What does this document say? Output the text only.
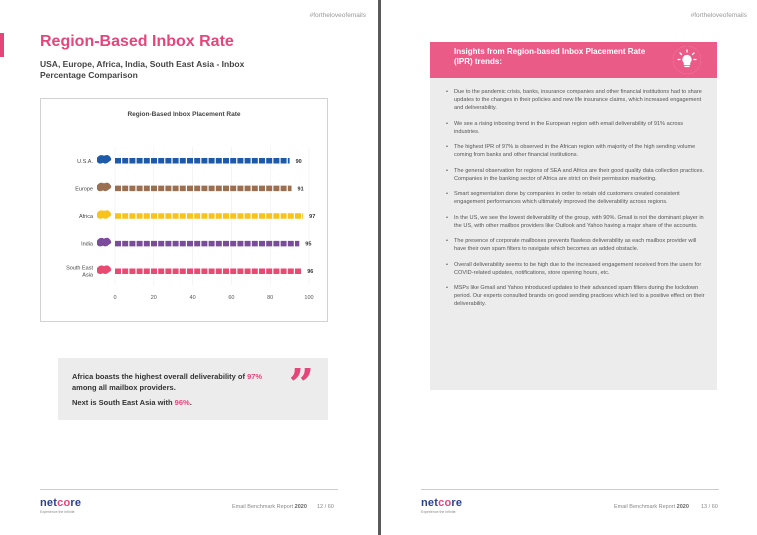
#fortheloveofemails
Region-Based Inbox Rate
USA, Europe, Africa, India, South East Asia - Inbox Percentage Comparison
Region-Based Inbox Placement Rate
0	20	40	60	80	100
90
U.S.A.
91
Europe
97
Africa
95
India
96
South East
Asia
Africa boasts the highest overall deliverability of 97% among all mailbox providers.
Next is South East Asia with 96%.	”
netcore
Experience the Infinite
Email Benchmark Report 2020 12 / 60
#fortheloveofemails
Insights from Region-based Inbox Placement Rate (IPR) trends:
• Due to the pandemic crisis, banks, insurance companies and other financial institutions had to share updates to the changes in their policies and new life insurance claims, which increased engagement and deliverability.
• We see a rising inboxing trend in the European region with email deliverability of 91% across industries.
• The highest IPR of 97% is observed in the African region with majority of the high sending volume coming from banks and other financial institutions.
• The general observation for regions of SEA and Africa are their good quality data collection practices. Companies in the banking sector of Africa are strict on their permission marketing.
• Smart segmentation done by companies in order to retain old customers created consistent engagement performances which ultimately improved the deliverability across regions.
• In the US, we see the lowest deliverability of the group, with 90%. Gmail is not the dominant player in the US, with other mailbox providers like Outlook and Yahoo having a major share of the accounts.
• The presence of corporate mailboxes prevents flawless deliverability as each mailbox provider will have their own spam filters to navigate which becomes an added obstacle.
• Overall deliverability seems to be high due to the increased engagement received from the users for COVID-related updates, notifications, store opening hours, etc.
• MSPs like Gmail and Yahoo introduced updates to their advanced spam filters during the lockdown period. Our experts consulted brands on good sending practices which led to a positive effect on their deliverability.
netcore
Experience the Infinite
Email Benchmark Report 2020 13 / 60
